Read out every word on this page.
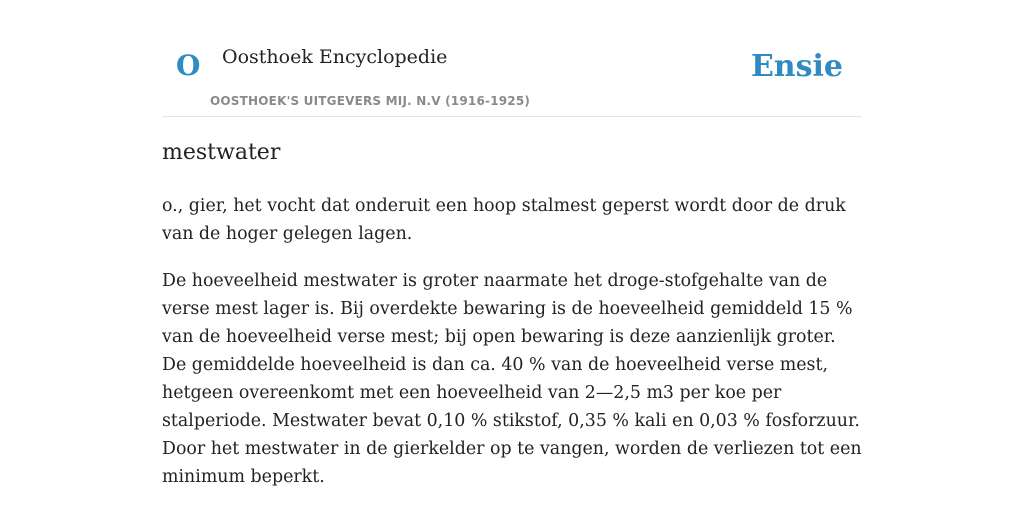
O Oosthoek Encyclopedie
OOSTHOEK'S UITGEVERS MIJ. N.V (1916-1925)
Ensie
mestwater

o., gier, het vocht dat onderuit een hoop stalmest geperst wordt door de druk van de hoger gelegen lagen.

De hoeveelheid mestwater is groter naarmate het droge-stofgehalte van de verse mest lager is. Bij overdekte bewaring is de hoeveelheid gemiddeld 15 % van de hoeveelheid verse mest; bij open bewaring is deze aanzienlijk groter. De gemiddelde hoeveelheid is dan ca. 40 % van de hoeveelheid verse mest, hetgeen overeenkomt met een hoeveelheid van 2—2,5 m3 per koe per stalperiode. Mestwater bevat 0,10 % stikstof, 0,35 % kali en 0,03 % fosforzuur. Door het mestwater in de gierkelder op te vangen, worden de verliezen tot een minimum beperkt.
